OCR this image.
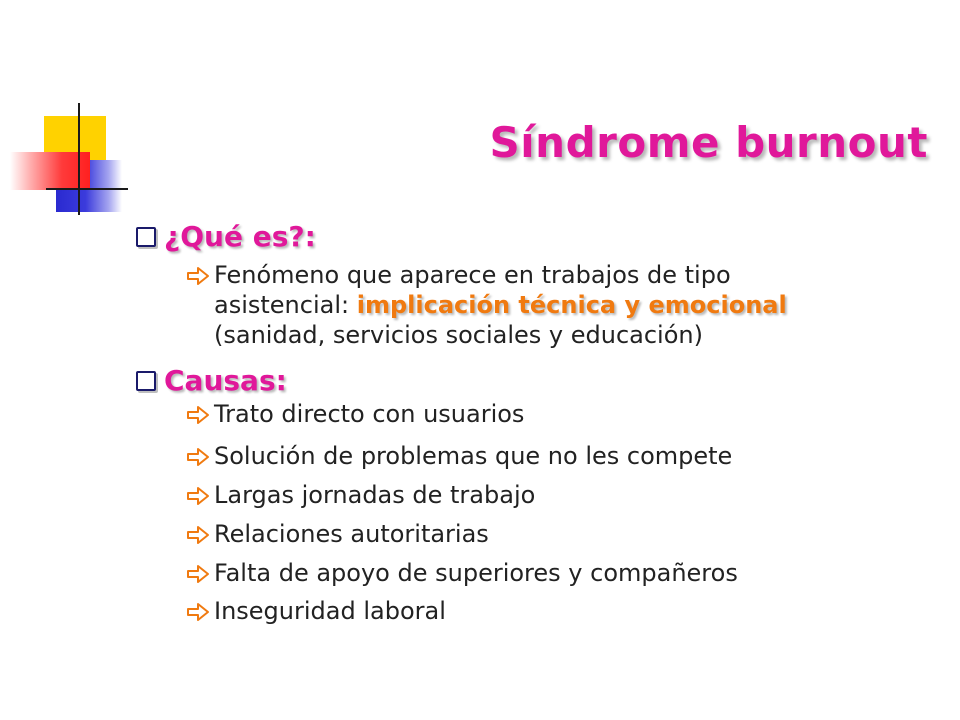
Síndrome burnout
¿Qué es?:
Fenómeno que aparece en trabajos de tipo
asistencial: implicación técnica y emocional
(sanidad, servicios sociales y educación)
Causas:
Trato directo con usuarios
Solución de problemas que no les compete
Largas jornadas de trabajo
Relaciones autoritarias
Falta de apoyo de superiores y compañeros
Inseguridad laboral
